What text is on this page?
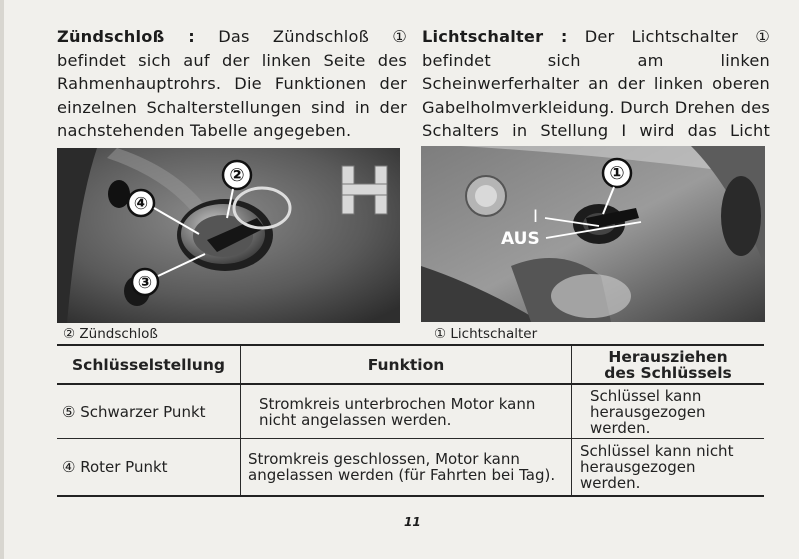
Zündschloß : Das Zündschloß ① befindet sich auf der linken Seite des Rahmenhauptrohrs. Die Funktionen der einzelnen Schalterstellungen sind in der nachstehenden Tabelle angegeben.

Lichtschalter : Der Lichtschalter ① befindet sich am linken Scheinwerferhalter an der linken oberen Gabelholmverkleidung. Durch Drehen des Schalters in Stellung I wird das Licht

②
④
③
①
I
AUS
② Zündschloß	① Lichtschalter
Schlüsselstellung	Funktion	Herausziehen des Schlüssels
⑤ Schwarzer Punkt	Stromkreis unterbrochen Motor kann nicht angelassen werden.	Schlüssel kann herausgezogen werden.

④ Roter Punkt	Stromkreis geschlossen, Motor kann angelassen werden (für Fahrten bei Tag).	Schlüssel kann nicht herausgezogen werden.
11
